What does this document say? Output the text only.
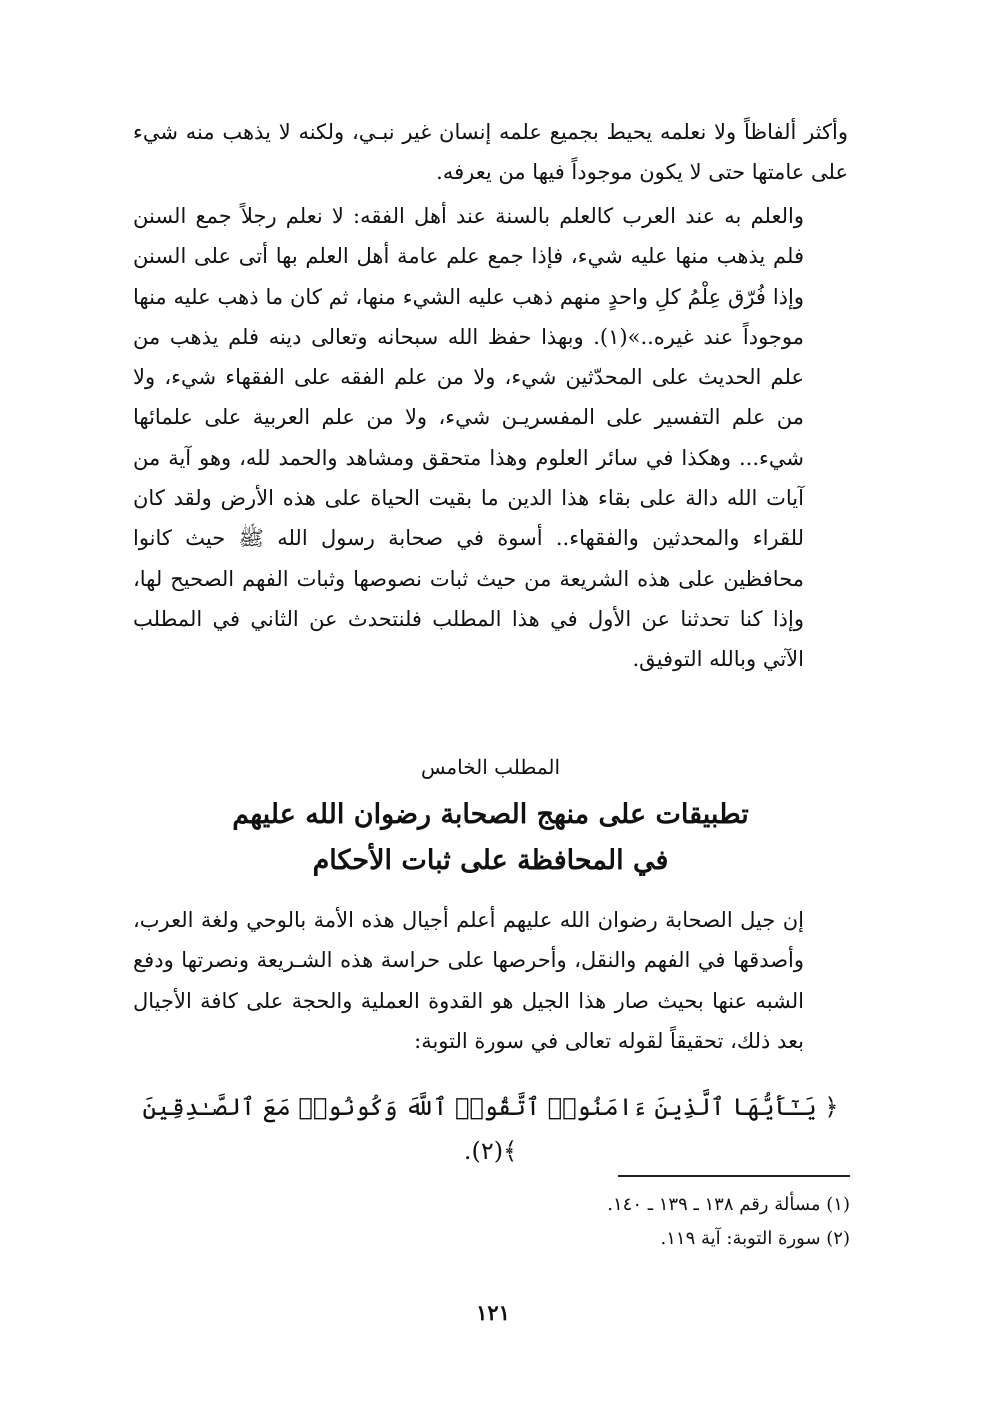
وأكثر ألفاظاً ولا نعلمه يحيط بجميع علمه إنسان غير نبـي، ولكنه لا يذهب منه شيء على عامتها حتى لا يكون موجوداً فيها من يعرفه.

والعلم به عند العرب كالعلم بالسنة عند أهل الفقه: لا نعلم رجلاً جمع السنن فلم يذهب منها عليه شيء، فإذا جمع علم عامة أهل العلم بها أتى على السنن وإذا فُرّق عِلْمُ كلِ واحدٍ منهم ذهب عليه الشيء منها، ثم كان ما ذهب عليه منها موجوداً عند غيره..»(١). وبهذا حفظ الله سبحانه وتعالى دينه فلم يذهب من علم الحديث على المحدّثين شيء، ولا من علم الفقه على الفقهاء شيء، ولا من علم التفسير على المفسريـن شيء، ولا من علم العربية على علمائها شيء... وهكذا في سائر العلوم وهذا متحقق ومشاهد والحمد لله، وهو آية من آيات الله دالة على بقاء هذا الدين ما بقيت الحياة على هذه الأرض ولقد كان للقراء والمحدثين والفقهاء.. أسوة في صحابة رسول الله ﷺ حيث كانوا محافظين على هذه الشريعة من حيث ثبات نصوصها وثبات الفهم الصحيح لها، وإذا كنا تحدثنا عن الأول في هذا المطلب فلنتحدث عن الثاني في المطلب الآتي وبالله التوفيق.

المطلب الخامس
تطبيقات على منهج الصحابة رضوان الله عليهم
في المحافظة على ثبات الأحكام

إن جيل الصحابة رضوان الله عليهم أعلم أجيال هذه الأمة بالوحي ولغة العرب، وأصدقها في الفهم والنقل، وأحرصها على حراسة هذه الشـريعة ونصرتها ودفع الشبه عنها بحيث صار هذا الجيل هو القدوة العملية والحجة على كافة الأجيال بعد ذلك، تحقيقاً لقوله تعالى في سورة التوبة:

﴿ يَـٰٓأَيُّهَا ٱلَّذِينَ ءَامَنُوا۟ ٱتَّقُوا۟ ٱللَّهَ وَكُونُوا۟ مَعَ ٱلصَّـٰدِقِينَ ﴾(٢).
(١) مسألة رقم ١٣٨ ـ ١٣٩ ـ ١٤٠.
(٢) سورة التوبة: آية ١١٩.
١٢١
